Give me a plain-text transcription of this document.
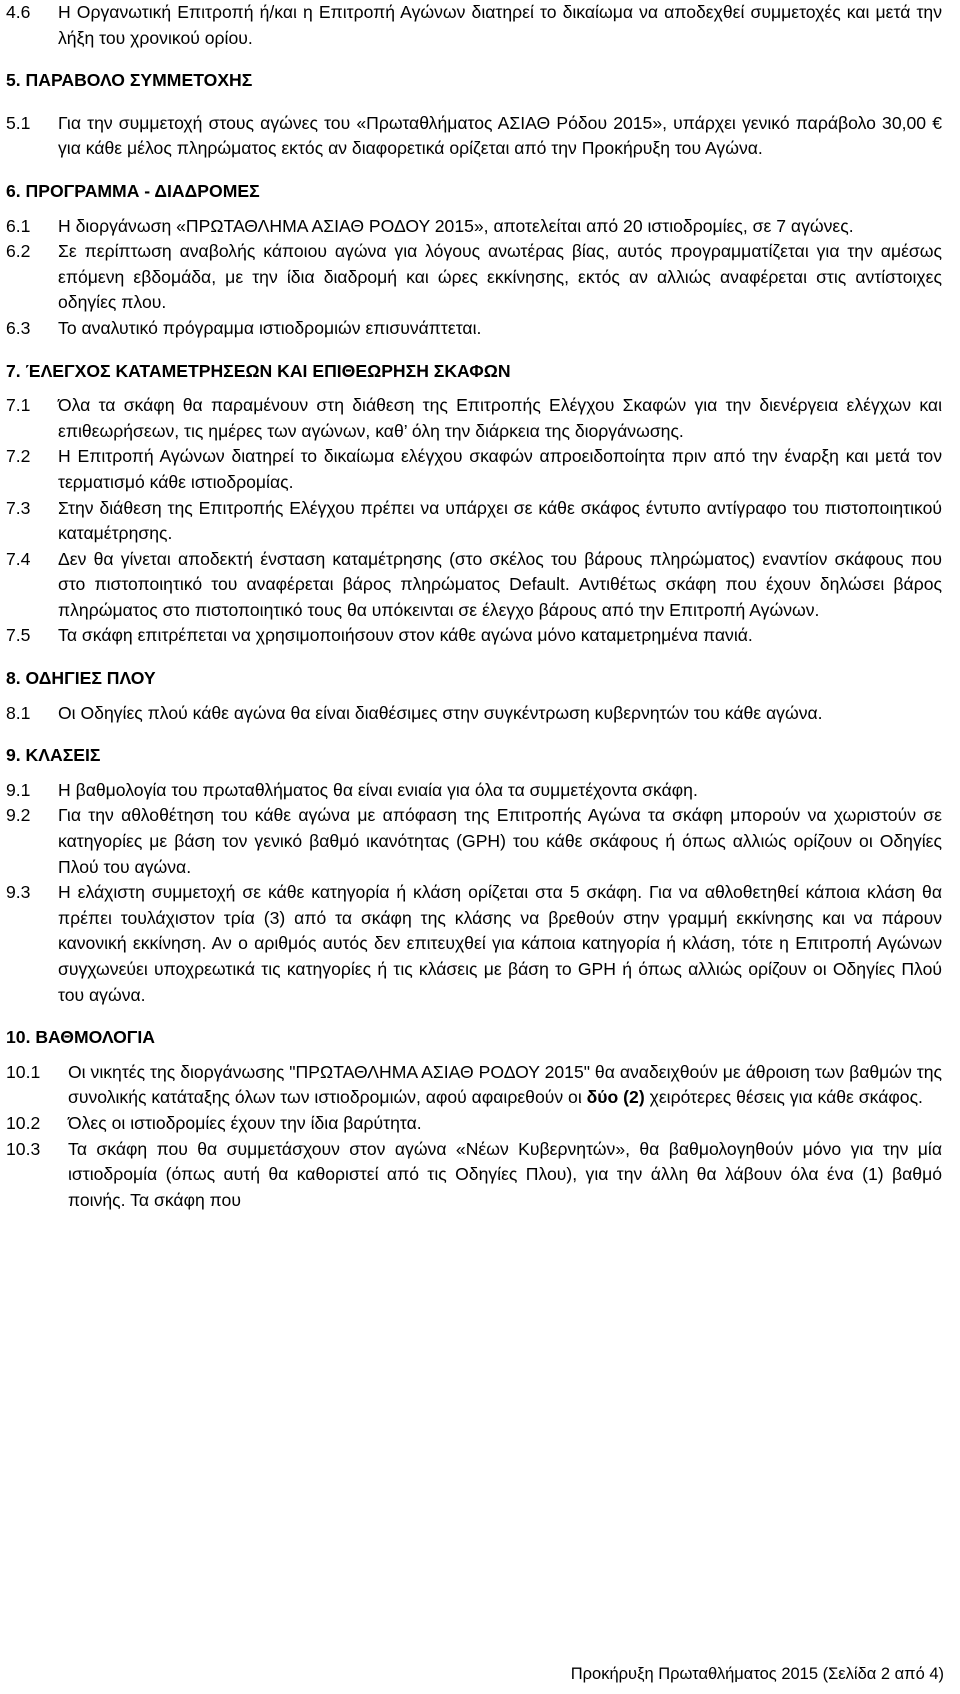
4.6	Η Οργανωτική Επιτροπή ή/και η Επιτροπή Αγώνων διατηρεί το δικαίωμα να αποδεχθεί συμμετοχές και μετά την λήξη του χρονικού ορίου.
5. ΠΑΡΑΒΟΛΟ ΣΥΜΜΕΤΟΧΗΣ
5.1	Για την συμμετοχή στους αγώνες του «Πρωταθλήματος ΑΣΙΑΘ Ρόδου 2015», υπάρχει γενικό παράβολο 30,00 € για κάθε μέλος πληρώματος εκτός αν διαφορετικά ορίζεται από την Προκήρυξη του Αγώνα.
6. ΠΡΟΓΡΑΜΜΑ - ΔΙΑΔΡΟΜΕΣ
6.1	Η διοργάνωση «ΠΡΩΤΑΘΛΗΜΑ ΑΣΙΑΘ ΡΟΔΟΥ 2015», αποτελείται από 20 ιστιοδρομίες, σε 7 αγώνες.
6.2	Σε περίπτωση αναβολής κάποιου αγώνα για λόγους ανωτέρας βίας, αυτός προγραμματίζεται για την αμέσως επόμενη εβδομάδα, με την ίδια διαδρομή και ώρες εκκίνησης, εκτός αν αλλιώς αναφέρεται στις αντίστοιχες οδηγίες πλου.
6.3	Το αναλυτικό πρόγραμμα ιστιοδρομιών επισυνάπτεται.
7. ΈΛΕΓΧΟΣ ΚΑΤΑΜΕΤΡΗΣΕΩΝ ΚΑΙ ΕΠΙΘΕΩΡΗΣΗ ΣΚΑΦΩΝ
7.1	Όλα τα σκάφη θα παραμένουν στη διάθεση της Επιτροπής Ελέγχου Σκαφών για την διενέργεια ελέγχων και επιθεωρήσεων, τις ημέρες των αγώνων, καθ’ όλη την διάρκεια της διοργάνωσης.
7.2	Η Επιτροπή Αγώνων διατηρεί το δικαίωμα ελέγχου σκαφών απροειδοποίητα πριν από την έναρξη και μετά τον τερματισμό κάθε ιστιοδρομίας.
7.3	Στην διάθεση της Επιτροπής Ελέγχου πρέπει να υπάρχει σε κάθε σκάφος έντυπο αντίγραφο του πιστοποιητικού καταμέτρησης.
7.4	Δεν θα γίνεται αποδεκτή ένσταση καταμέτρησης (στο σκέλος του βάρους πληρώματος) εναντίον σκάφους που στο πιστοποιητικό του αναφέρεται βάρος πληρώματος Default. Αντιθέτως σκάφη που έχουν δηλώσει βάρος πληρώματος στο πιστοποιητικό τους θα υπόκεινται σε έλεγχο βάρους από την Επιτροπή Αγώνων.
7.5	Τα σκάφη επιτρέπεται να χρησιμοποιήσουν στον κάθε αγώνα μόνο καταμετρημένα πανιά.
8. ΟΔΗΓΙΕΣ ΠΛΟΥ
8.1	Οι Οδηγίες πλού κάθε αγώνα θα είναι διαθέσιμες στην συγκέντρωση κυβερνητών του κάθε αγώνα.
9. ΚΛΑΣΕΙΣ
9.1	Η βαθμολογία του πρωταθλήματος θα είναι ενιαία για όλα τα συμμετέχοντα σκάφη.
9.2	Για την αθλοθέτηση του κάθε αγώνα με απόφαση της Επιτροπής Αγώνα τα σκάφη μπορούν να χωριστούν σε κατηγορίες με βάση τον γενικό βαθμό ικανότητας (GPH) του κάθε σκάφους ή όπως αλλιώς ορίζουν οι Οδηγίες Πλού του αγώνα.
9.3	Η ελάχιστη συμμετοχή σε κάθε κατηγορία ή κλάση ορίζεται στα 5 σκάφη. Για να αθλοθετηθεί κάποια κλάση θα πρέπει τουλάχιστον τρία (3) από τα σκάφη της κλάσης να βρεθούν στην γραμμή εκκίνησης και να πάρουν κανονική εκκίνηση. Αν ο αριθμός αυτός δεν επιτευχθεί για κάποια κατηγορία ή κλάση, τότε η Επιτροπή Αγώνων συγχωνεύει υποχρεωτικά τις κατηγορίες ή τις κλάσεις με βάση το GPH ή όπως αλλιώς ορίζουν οι Οδηγίες Πλού του αγώνα.
10. ΒΑΘΜΟΛΟΓΙΑ
10.1	Οι νικητές της διοργάνωσης "ΠΡΩΤΑΘΛΗΜΑ ΑΣΙΑΘ ΡΟΔΟΥ 2015" θα αναδειχθούν με άθροιση των βαθμών της συνολικής κατάταξης όλων των ιστιοδρομιών, αφού αφαιρεθούν οι δύο (2) χειρότερες θέσεις για κάθε σκάφος.
10.2	Όλες οι ιστιοδρομίες έχουν την ίδια βαρύτητα.
10.3	Τα σκάφη που θα συμμετάσχουν στον αγώνα «Νέων Κυβερνητών», θα βαθμολογηθούν μόνο για την μία ιστιοδρομία (όπως αυτή θα καθοριστεί από τις Οδηγίες Πλου), για την άλλη θα λάβουν όλα ένα (1) βαθμό ποινής. Τα σκάφη που
Προκήρυξη Πρωταθλήματος 2015 (Σελίδα 2 από 4)
